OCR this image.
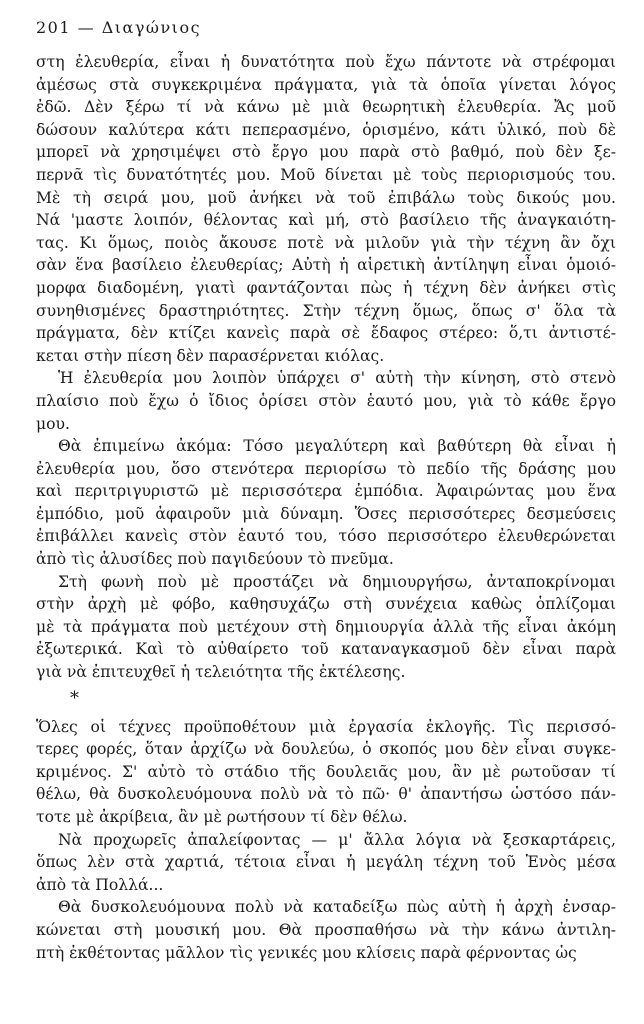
201 — Διαγώνιος
στη ἐλευθερία, εἶναι ἡ δυνατότητα ποὺ ἔχω πάντοτε νὰ στρέφομαι
ἀμέσως στὰ συγκεκριμένα πράγματα, γιὰ τὰ ὁποῖα γίνεται λόγος
ἐδῶ. Δὲν ξέρω τί νὰ κάνω μὲ μιὰ θεωρητικὴ ἐλευθερία. Ἄς μοῦ
δώσουν καλύτερα κάτι πεπερασμένο, ὁρισμένο, κάτι ὑλικό, ποὺ δὲ
μπορεῖ νὰ χρησιμέψει στὸ ἔργο μου παρὰ στὸ βαθμό, ποὺ δὲν ξε-
περνᾶ τὶς δυνατότητές μου. Μοῦ δίνεται μὲ τοὺς περιορισμούς του.
Μὲ τὴ σειρά μου, μοῦ ἀνήκει νὰ τοῦ ἐπιβάλω τοὺς δικούς μου.
Νά 'μαστε λοιπόν, θέλοντας καὶ μή, στὸ βασίλειο τῆς ἀναγκαιότη-
τας. Κι ὅμως, ποιὸς ἄκουσε ποτὲ νὰ μιλοῦν γιὰ τὴν τέχνη ἂν ὄχι
σὰν ἕνα βασίλειο ἐλευθερίας; Αὐτὴ ἡ αἱρετικὴ ἀντίληψη εἶναι ὁμοιό-
μορφα διαδομένη, γιατὶ φαντάζονται πὼς ἡ τέχνη δὲν ἀνήκει στὶς
συνηθισμένες δραστηριότητες. Στὴν τέχνη ὅμως, ὅπως σ' ὅλα τὰ
πράγματα, δὲν κτίζει κανεὶς παρὰ σὲ ἔδαφος στέρεο: ὅ,τι ἀντιστέ-
κεται στὴν πίεση δὲν παρασέρνεται κιόλας.
Ἡ ἐλευθερία μου λοιπὸν ὑπάρχει σ' αὐτὴ τὴν κίνηση, στὸ στενὸ
πλαίσιο ποὺ ἔχω ὁ ἴδιος ὁρίσει στὸν ἑαυτό μου, γιὰ τὸ κάθε ἔργο
μου.
Θὰ ἐπιμείνω ἀκόμα: Τόσο μεγαλύτερη καὶ βαθύτερη θὰ εἶναι ἡ
ἐλευθερία μου, ὅσο στενότερα περιορίσω τὸ πεδίο τῆς δράσης μου
καὶ περιτριγυριστῶ μὲ περισσότερα ἐμπόδια. Ἀφαιρώντας μου ἕνα
ἐμπόδιο, μοῦ ἀφαιροῦν μιὰ δύναμη. Ὅσες περισσότερες δεσμεύσεις
ἐπιβάλλει κανεὶς στὸν ἑαυτό του, τόσο περισσότερο ἐλευθερώνεται
ἀπὸ τὶς ἁλυσίδες ποὺ παγιδεύουν τὸ πνεῦμα.
Στὴ φωνὴ ποὺ μὲ προστάζει νὰ δημιουργήσω, ἀνταποκρίνομαι
στὴν ἀρχὴ μὲ φόβο, καθησυχάζω στὴ συνέχεια καθὼς ὁπλίζομαι
μὲ τὰ πράγματα ποὺ μετέχουν στὴ δημιουργία ἀλλὰ τῆς εἶναι ἀκόμη
ἐξωτερικά. Καὶ τὸ αὐθαίρετο τοῦ καταναγκασμοῦ δὲν εἶναι παρὰ
γιὰ νὰ ἐπιτευχθεῖ ἡ τελειότητα τῆς ἐκτέλεσης.
*
Ὅλες οἱ τέχνες προϋποθέτουν μιὰ ἐργασία ἐκλογῆς. Τὶς περισσό-
τερες φορές, ὅταν ἀρχίζω νὰ δουλεύω, ὁ σκοπός μου δὲν εἶναι συγκε-
κριμένος. Σ' αὐτὸ τὸ στάδιο τῆς δουλειᾶς μου, ἂν μὲ ρωτοῦσαν τί
θέλω, θὰ δυσκολευόμουνα πολὺ νὰ τὸ πῶ· θ' ἀπαντήσω ὡστόσο πάν-
τοτε μὲ ἀκρίβεια, ἂν μὲ ρωτήσουν τί δὲν θέλω.
Νὰ προχωρεῖς ἀπαλείφοντας — μ' ἄλλα λόγια νὰ ξεσκαρτάρεις,
ὅπως λὲν στὰ χαρτιά, τέτοια εἶναι ἡ μεγάλη τέχνη τοῦ Ἑνὸς μέσα
ἀπὸ τὰ Πολλά...
Θὰ δυσκολευόμουνα πολὺ νὰ καταδείξω πὼς αὐτὴ ἡ ἀρχὴ ἐνσαρ-
κώνεται στὴ μουσική μου. Θὰ προσπαθήσω νὰ τὴν κάνω ἀντιλη-
πτὴ ἐκθέτοντας μᾶλλον τὶς γενικές μου κλίσεις παρὰ φέρνοντας ὡς
